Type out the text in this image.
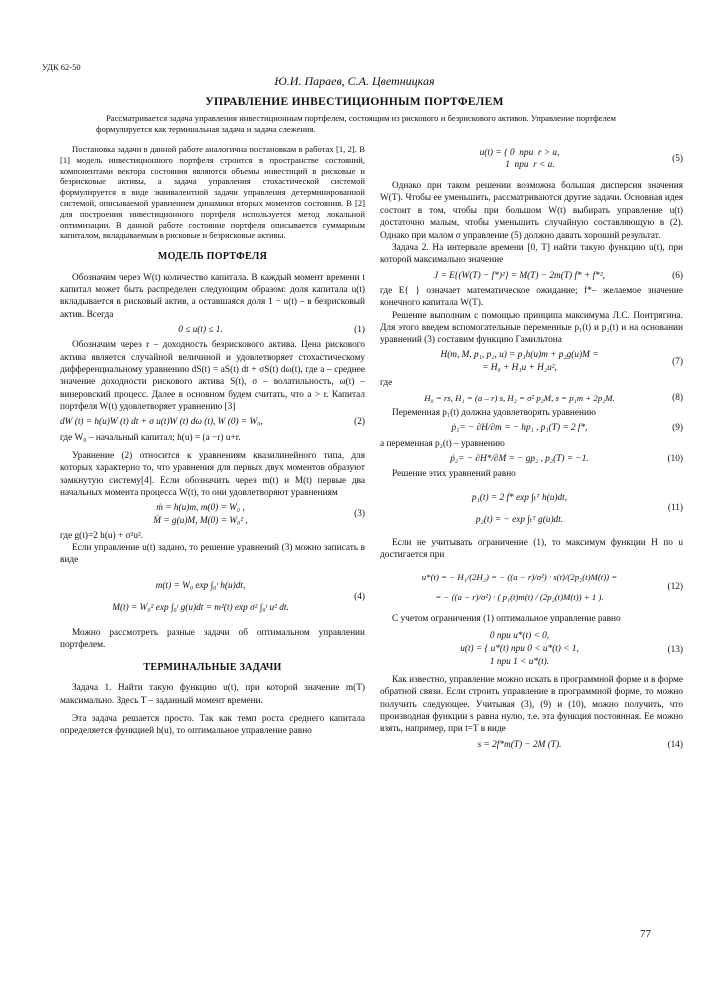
УДК 62-50
Ю.И. Параев, С.А. Цветницкая
УПРАВЛЕНИЕ ИНВЕСТИЦИОННЫМ ПОРТФЕЛЕМ
Рассматривается задача управления инвестиционным портфелем, состоящим из рискового и безрискового активов. Управление портфелем формулируется как терминальная задача и задача слежения.

Постановка задачи в данной работе аналогична постановкам в работах [1, 2]. В [1] модель инвестиционного портфеля строится в пространстве состояний, компонентами вектора состояния являются объемы инвестиций в рисковые и безрисковые активы, а задача управления стохастической системой формулируется в виде эквивалентной задачи управления детерминированной системой, описываемой уравнением динамики вторых моментов состояния. В [2] для построения инвестиционного портфеля используется метод локальной оптимизации. В данной работе состояние портфеля описывается суммарным капиталом, вкладываемым в рисковые и безрисковые активы.

МОДЕЛЬ ПОРТФЕЛЯ

Обозначим через W(t) количество капитала. В каждый момент времени t капитал может быть распределен следующим образом: доля капитала u(t) вкладывается в рисковый актив, а оставшаяся доля 1 − u(t) – в безрисковый актив. Всегда

0 ≤ u(t) ≤ 1.	(1)

Обозначим через r – доходность безрискового актива. Цена рискового актива является случайной величиной и удовлетворяет стохастическому дифференциальному уравнению dS(t) = aS(t) dt + σS(t) dω(t), где a – среднее значение доходности рискового актива S(t), σ – волатильность, ω(t) – винеровский процесс. Далее в основном будем считать, что a > r. Капитал портфеля W(t) удовлетворяет уравнению [3]

dW (t) = h(u)W (t) dt + σ u(t)W (t) dω (t), W (0) = W₀,	(2)

где W₀ – начальный капитал; h(u) = (a −r) u+r.

Уравнение (2) относится к уравнениям квазилинейного типа, для которых характерно то, что уравнения для первых двух моментов образуют замкнутую систему[4]. Если обозначить через m(t) и M(t) первые два начальных момента процесса W(t), то они удовлетворяют уравнениям

ṁ = h(u)m, m(0) = W₀ ,
Ṁ = g(u)M, M(0) = W₀² ,
(3)

где g(t)=2 h(u) + σ²u².

Если управление u(t) задано, то решение уравнений (3) можно записать в виде

m(t) = W₀ exp ∫₀ᵗ h(u)dt,
M(t) = W₀² exp ∫₀ᵗ g(u)dt = m²(t) exp σ² ∫₀ᵗ u² dt.
(4)

Можно рассмотреть разные задачи об оптимальном управлении портфелем.

ТЕРМИНАЛЬНЫЕ ЗАДАЧИ

Задача 1. Найти такую функцию u(t), при которой значение m(T) максимально. Здесь T – заданный момент времени.

Эта задача решается просто. Так как темп роста среднего капитала определяется функцией h(u), то оптимальное управление равно

u(t) = { 0  при  r > a,
1  при  r < a.
(5)

Однако при таком решении возможна большая дисперсия значения W(T). Чтобы ее уменьшить, рассматриваются другие задачи. Основная идея состоит в том, чтобы при большом W(t) выбирать управление u(t) достаточно малым, чтобы уменьшить случайную составляющую в (2). Однако при малом σ управление (5) должно давать хороший результат.

Задача 2. На интервале времени [0, T] найти такую функцию u(t), при которой максимально значение

J = E{(W(T) − f*)²} = M(T) − 2m(T) f* + f*²,	(6)

где E{ } означает математическое ожидание; f*– желаемое значение конечного капитала W(T).

Решение выполним с помощью принципа максимума Л.С. Понтрягина. Для этого введем вспомогательные переменные p₁(t) и p₂(t) и на основании уравнений (3) составим функцию Гамильтона

H(m, M, p₁, p₂, u) = p₁h(u)m + p₂g(u)M =
= H₀ + H₁u + H₂u²,
(7)

где

H₀ = rs, H₁ = (a – r) s, H₂ = σ² p₂M, s = p₁m + 2p₂M.	(8)

Переменная p₁(t) должна удовлетворять уравнению

ṗ₁= − ∂H/∂m = − hp₁ , p₁(T) = 2 f*,	(9)

а переменная p₂(t) – уравнению

ṗ₂= − ∂H*/∂M = − gp₂ , p₂(T) = −1.	(10)

Решение этих уравнений равно

p₁(t) = 2 f* exp ∫ₜᵀ h(u)dt,
p₂(t) = − exp ∫ₜᵀ g(u)dt.
(11)

Если не учитывать ограничение (1), то максимум функции H по u достигается при

u*(t) = − H₁/(2H₂) = − ((a − r)/σ²) · s(t)/(2p₂(t)M(t)) =
= − ((a − r)/σ²) · ( p₁(t)m(t) / (2p₂(t)M(t)) + 1 ).
(12)

С учетом ограничения (1) оптимальное управление равно

0 при u*(t) < 0,
u(t) = { u*(t) при 0 < u*(t) < 1,
1 при 1 < u*(t).
(13)

Как известно, управление можно искать в программной форме и в форме обратной связи. Если строить управление в программной форме, то можно получить следующее. Учитывая (3), (9) и (10), можно получить, что производная функции s равна нулю, т.е. эта функция постоянная. Ее можно взять, например, при t=T в виде

s = 2f*m(T) − 2M (T).	(14)
77
